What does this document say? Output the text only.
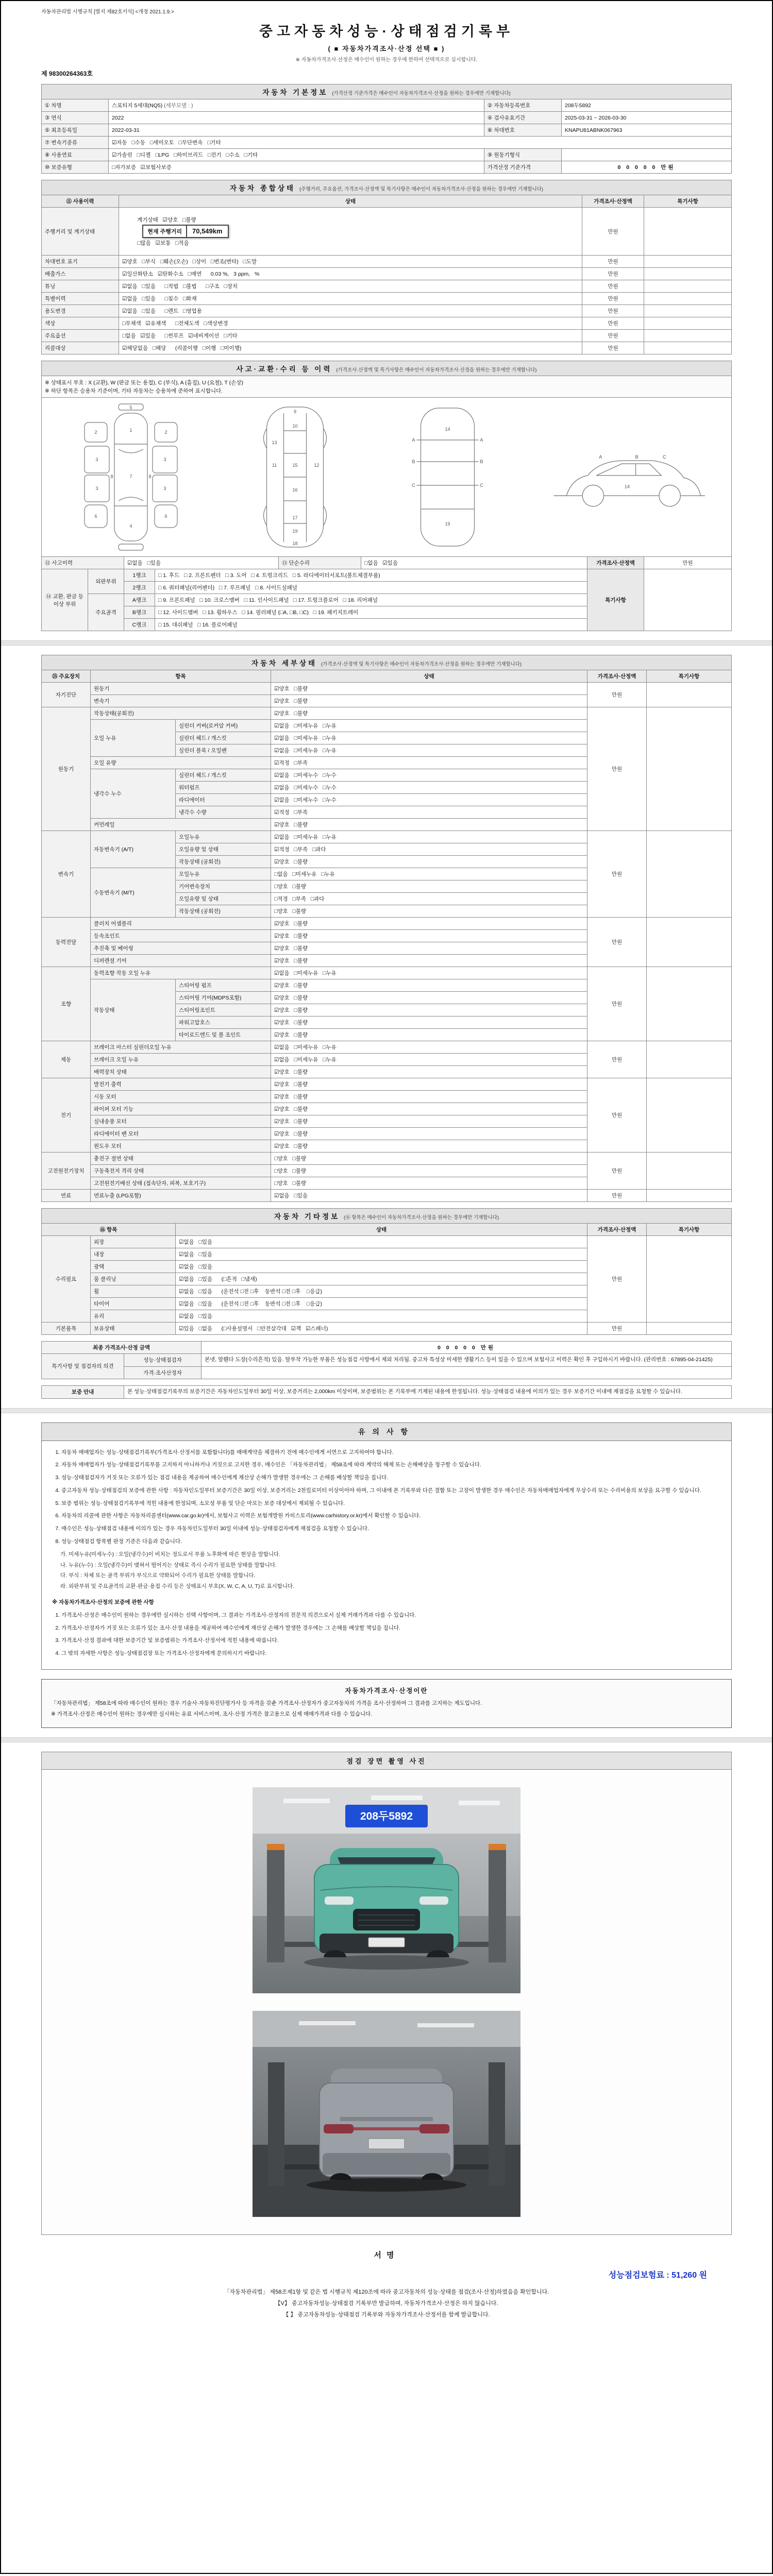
자동차관리법 시행규칙 [별지 제82호서식] <개정 2021.1.9.>
중고자동차성능·상태점검기록부
( ■ 자동차가격조사·산정 선택 ■ )
※ 자동차가격조사·산정은 매수인이 원하는 경우에 한하여 선택적으로 실시합니다.
제 98300264363호
자동차 기본정보 (가격산정 기준가격은 매수인이 자동차가격조사·산정을 원하는 경우에만 기재합니다)			
① 차명	스포티지 5세대(NQ5) (세부모델 : )	② 자동차등록번호	208두5892
③ 연식	2022	④ 검사유효기간	2025-03-31 ~ 2026-03-30
⑤ 최초등록일	2022-03-31	⑥ 차대번호	KNAPU81ABNK067963
⑦ 변속기종류	☑자동   □수동   □세미오토   □무단변속   □기타		
⑧ 사용연료	☑가솔린   □디젤   □LPG   □하이브리드   □전기   □수소   □기타	⑨ 원동기형식	
⑩ 보증유형	□자가보증   ☑보험사보증	가격산정 기준가격	0 0 0 0 0 만원
자동차 종합상태 (주행거리, 주요옵션, 가격조사·산정액 및 특기사항은 매수인이 자동차가격조사·산정을 원하는 경우에만 기재합니다)			
⑪ 사용이력	상태	가격조사·산정액	특기사항
주행거리 및 계기상태	계기상태   ☑양호   □불량

현재 주행거리 70,549km

□많음   ☑보통   □적음	만원	
차대번호 표기	☑양호   □부식   □훼손(오손)   □상이   □변조(변타)   □도말	만원	
배출가스	☑일산화탄소   ☑탄화수소   □매연      0.03 %,   3 ppm,   %	만원	
튜닝	☑없음   □있음      □적법   □불법      □구조   □장치	만원	
특별이력	☑없음   □있음      □침수   □화재	만원	
용도변경	☑없음   □있음      □렌트   □영업용	만원	
색상	□무채색   ☑유채색      □전체도색   □색상변경	만원	
주요옵션	□없음   ☑있음      □썬루프   ☑네비게이션   □기타	만원	
리콜대상	☑해당없음   □해당      (리콜이행   □이행   □미이행)	만원	
사고·교환·수리 등 이력 (가격조사·산정액 및 특기사항은 매수인이 자동차가격조사·산정을 원하는 경우에만 기재합니다)

※ 상태표시 부호 : X (교환), W (판금 또는 용접), C (부식), A (흠집), U (요철), T (손상)
※ 하단 항목은 승용차 기준이며, 기타 자동차는 승용차에 준하여 표시합니다.

1
7
4
2
3
3
6
2
3
3
6
5
8	8
9
10
13
11	12
15
16
17
18
19
A
B
C
A
B
C
14
19
A	B	C
14
⑫ 사고이력	☑없음   □있음	⑬ 단순수리	□없음   ☑있음	가격조사·산정액	만원
⑭ 교환, 판금 등 이상 부위	외판부위	1랭크	□ 1. 후드   □ 2. 프론트펜더   □ 3. 도어   □ 4. 트렁크리드   □ 5. 라디에이터서포트(볼트체결부품)	특기사항	
		2랭크	□ 6. 쿼터패널(리어펜더)   □ 7. 루프패널   □ 8. 사이드실패널		
	주요골격	A랭크	□ 9. 프론트패널   □ 10. 크로스멤버   □ 11. 인사이드패널   □ 17. 트렁크플로어   □ 18. 리어패널		
		B랭크	□ 12. 사이드멤버   □ 13. 휠하우스   □ 14. 필러패널 (□A, □B, □C)   □ 19. 패키지트레이		
		C랭크	□ 15. 대쉬패널   □ 16. 플로어패널		
자동차 세부상태 (가격조사·산정액 및 특기사항은 매수인이 자동차가격조사·산정을 원하는 경우에만 기재합니다)					
⑮ 주요장치	항목		상태	가격조사·산정액	특기사항
자기진단	원동기		☑양호   □불량	만원	
	변속기		☑양호   □불량		
원동기	작동상태(공회전)		☑양호   □불량	만원	
	오일 누유	실린더 커버(로커암 커버)	☑없음   □미세누유   □누유		
		실린더 헤드 / 개스킷	☑없음   □미세누유   □누유		
		실린더 블록 / 오일팬	☑없음   □미세누유   □누유		
	오일 유량		☑적정   □부족		
	냉각수 누수	실린더 헤드 / 개스킷	☑없음   □미세누수   □누수		
		워터펌프	☑없음   □미세누수   □누수		
		라디에이터	☑없음   □미세누수   □누수		
		냉각수 수량	☑적정   □부족		
	커먼레일		☑양호   □불량		
변속기	자동변속기 (A/T)	오일누유	☑없음   □미세누유   □누유	만원	
		오일유량 및 상태	☑적정   □부족   □과다		
		작동상태 (공회전)	☑양호   □불량		
	수동변속기 (M/T)	오일누유	□없음   □미세누유   □누유		
		기어변속장치	□양호   □불량		
		오일유량 및 상태	□적정   □부족   □과다		
		작동상태 (공회전)	□양호   □불량		
동력전달	클러치 어셈블리		☑양호   □불량	만원	
	등속조인트		☑양호   □불량		
	추진축 및 베어링		☑양호   □불량		
	디퍼렌셜 기어		☑양호   □불량		
조향	동력조향 작동 오일 누유		☑없음   □미세누유   □누유	만원	
	작동상태	스티어링 펌프	☑양호   □불량		
		스티어링 기어(MDPS포함)	☑양호   □불량		
		스티어링조인트	☑양호   □불량		
		파워고압호스	☑양호   □불량		
		타이로드엔드 및 볼 조인트	☑양호   □불량		
제동	브레이크 마스터 실린더오일 누유		☑없음   □미세누유   □누유	만원	
	브레이크 오일 누유		☑없음   □미세누유   □누유		
	배력장치 상태		☑양호   □불량		
전기	발전기 출력		☑양호   □불량	만원	
	시동 모터		☑양호   □불량		
	와이퍼 모터 기능		☑양호   □불량		
	실내송풍 모터		☑양호   □불량		
	라디에이터 팬 모터		☑양호   □불량		
	윈도우 모터		☑양호   □불량		
고전원전기장치	충전구 절연 상태		□양호   □불량	만원	
	구동축전지 격리 상태		□양호   □불량		
	고전원전기배선 상태 (접속단자, 피복, 보호기구)		□양호   □불량		
연료	연료누출 (LPG포함)		☑없음   □있음	만원	
자동차 기타정보 (⑯ 항목은 매수인이 자동차가격조사·산정을 원하는 경우에만 기재합니다)				
⑯ 항목		상태	가격조사·산정액	특기사항
수리필요	외장	☑없음   □있음	만원	
	내장	☑없음   □있음		
	광택	☑없음   □있음		
	룸 클리닝	☑없음   □있음      (□흔적   □냄새)		
	휠	☑없음   □있음      (운전석 □전 □후    동반석 □전 □후    □응급)		
	타이어	☑없음   □있음      (운전석 □전 □후    동반석 □전 □후    □응급)		
	유리	☑없음   □있음		
기본품목	보유상태	☑있음   □없음      (□사용설명서   □안전삼각대   ☑잭   ☑스패너)	만원	
최종 가격조사·산정 금액		0 0 0 0 0 만원
특기사항 및 점검자의 의견	성능·상태점검자	본넷, 앞휀다 도장(수리흔적) 있음. 탈부착 가능한 부품은 성능점검 사항에서 제외 처리됨. 중고차 특성상 미세한 생활기스 등이 있을 수 있으며 보험사고 이력은 확인 후 구입하시기 바랍니다. (관리번호 : 67895-04-21425)
	가격·조사산정자	
보증 안내	본 성능·상태점검기록부의 보증기간은 자동차인도일부터 30일 이상, 보증거리는 2,000km 이상이며, 보증범위는 본 기록부에 기재된 내용에 한정됩니다. 성능·상태점검 내용에 이의가 있는 경우 보증기간 이내에 재점검을 요청할 수 있습니다.
유의사항
1. 자동차 매매업자는 성능·상태점검기록부(가격조사·산정서를 포함합니다)를 매매계약을 체결하기 전에 매수인에게 서면으로 고지하여야 합니다.
2. 자동차 매매업자가 성능·상태점검기록부를 고지하지 아니하거나 거짓으로 고지한 경우, 매수인은 「자동차관리법」 제58조에 따라 계약의 해제 또는 손해배상을 청구할 수 있습니다.
3. 성능·상태점검자가 거짓 또는 오류가 있는 점검 내용을 제공하여 매수인에게 재산상 손해가 발생한 경우에는 그 손해를 배상할 책임을 집니다.
4. 중고자동차 성능·상태점검의 보증에 관한 사항 : 자동차인도일부터 보증기간은 30일 이상, 보증거리는 2천킬로미터 이상이어야 하며, 그 이내에 본 기록부와 다른 결함 또는 고장이 발생한 경우 매수인은 자동차매매업자에게 무상수리 또는 수리비용의 보상을 요구할 수 있습니다.
5. 보증 범위는 성능·상태점검기록부에 적힌 내용에 한정되며, 소모성 부품 및 단순 마모는 보증 대상에서 제외될 수 있습니다.
6. 자동차의 리콜에 관한 사항은 자동차리콜센터(www.car.go.kr)에서, 보험사고 이력은 보험개발원 카히스토리(www.carhistory.or.kr)에서 확인할 수 있습니다.
7. 매수인은 성능·상태점검 내용에 이의가 있는 경우 자동차인도일부터 30일 이내에 성능·상태점검자에게 재점검을 요청할 수 있습니다.
8. 성능·상태점검 항목별 판정 기준은 다음과 같습니다.
가. 미세누유(미세누수) : 오일(냉각수)이 비치는 정도로서 부품 노후화에 따른 현상을 말합니다.
나. 누유(누수) : 오일(냉각수)이 맺혀서 떨어지는 상태로 즉시 수리가 필요한 상태를 말합니다.
다. 부식 : 차체 또는 골격 부위가 부식으로 약화되어 수리가 필요한 상태를 말합니다.
라. 외판부위 및 주요골격의 교환·판금·용접 수리 등은 상태표시 부호(X, W, C, A, U, T)로 표시합니다.
※ 자동차가격조사·산정의 보증에 관한 사항
1. 가격조사·산정은 매수인이 원하는 경우에만 실시하는 선택 사항이며, 그 결과는 가격조사·산정자의 전문적 의견으로서 실제 거래가격과 다를 수 있습니다.
2. 가격조사·산정자가 거짓 또는 오류가 있는 조사·산정 내용을 제공하여 매수인에게 재산상 손해가 발생한 경우에는 그 손해를 배상할 책임을 집니다.
3. 가격조사·산정 결과에 대한 보증기간 및 보증범위는 가격조사·산정서에 적힌 내용에 따릅니다.
4. 그 밖의 자세한 사항은 성능·상태점검장 또는 가격조사·산정자에게 문의하시기 바랍니다.
자동차가격조사·산정이란
「자동차관리법」 제58조에 따라 매수인이 원하는 경우 기술사·자동차진단평가사 등 자격을 갖춘 가격조사·산정자가 중고자동차의 가격을 조사·산정하여 그 결과를 고지하는 제도입니다.
※ 가격조사·산정은 매수인이 원하는 경우에만 실시하는 유료 서비스이며, 조사·산정 가격은 참고용으로 실제 매매가격과 다를 수 있습니다.
점검 장면 촬영 사진
208두5892
서명
성능점검보험료 : 51,260 원
「자동차관리법」 제58조제1항 및 같은 법 시행규칙 제120조에 따라 중고자동차의 성능·상태를 점검(조사·산정)하였음을 확인합니다.
【V】 중고자동차성능·상태점검 기록부만 발급하며, 자동차가격조사·산정은 하지 않습니다.
【 】 중고자동차성능·상태점검 기록부와 자동차가격조사·산정서를 함께 발급합니다.
